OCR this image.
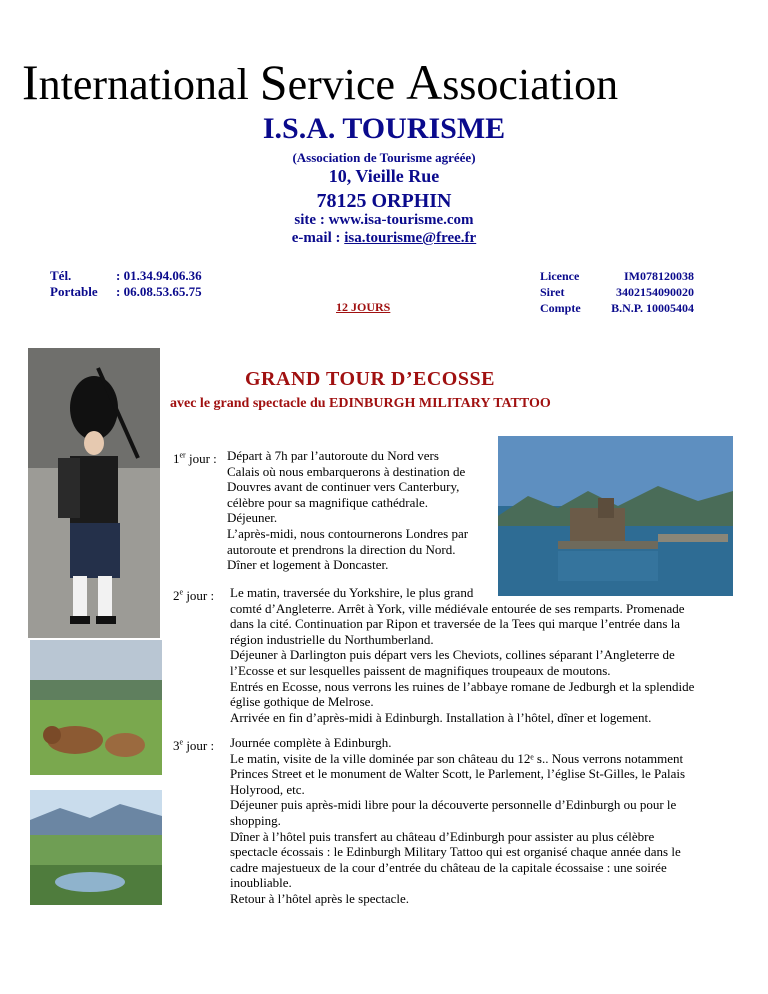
International Service Association
I.S.A. TOURISME
(Association de Tourisme agréée)
10, Vieille Rue
78125 ORPHIN
site : www.isa-tourisme.com
e-mail : isa.tourisme@free.fr
Tél.	: 01.34.94.06.36
Portable : 06.08.53.65.75
12 JOURS
Licence	IM078120038
Siret	3402154090020
Compte	B.N.P. 10005404
GRAND TOUR D’ECOSSE
avec le grand spectacle du EDINBURGH MILITARY TATTOO
1er jour : Départ à 7h par l’autoroute du Nord vers

Calais où nous embarquerons à destination de

Douvres avant de continuer vers Canterbury,

célèbre pour sa magnifique cathédrale.

Déjeuner.

L’après-midi, nous contournerons Londres par

autoroute et prendrons la direction du Nord.

Dîner et logement à Doncaster.

2e jour : Le matin, traversée du Yorkshire, le plus grand

comté d’Angleterre. Arrêt à York, ville médiévale entourée de ses remparts. Promenade

dans la cité. Continuation par Ripon et traversée de la Tees qui marque l’entrée dans la

région industrielle du Northumberland.

Déjeuner à Darlington puis départ vers les Cheviots, collines séparant l’Angleterre de

l’Ecosse et sur lesquelles paissent de magnifiques troupeaux de moutons.

Entrés en Ecosse, nous verrons les ruines de l’abbaye romane de Jedburgh et la splendide

église gothique de Melrose.

Arrivée en fin d’après-midi à Edinburgh. Installation à l’hôtel, dîner et logement.

3e jour : Journée complète à Edinburgh.

Le matin, visite de la ville dominée par son château du 12ᵉ s.. Nous verrons notamment

Princes Street et le monument de Walter Scott, le Parlement, l’église St-Gilles, le Palais

Holyrood, etc.

Déjeuner puis après-midi libre pour la découverte personnelle d’Edinburgh ou pour le

shopping.

Dîner à l’hôtel puis transfert au château d’Edinburgh pour assister au plus célèbre

spectacle écossais : le Edinburgh Military Tattoo qui est organisé chaque année dans le

cadre majestueux de la cour d’entrée du château de la capitale écossaise : une soirée

inoubliable.

Retour à l’hôtel après le spectacle.
